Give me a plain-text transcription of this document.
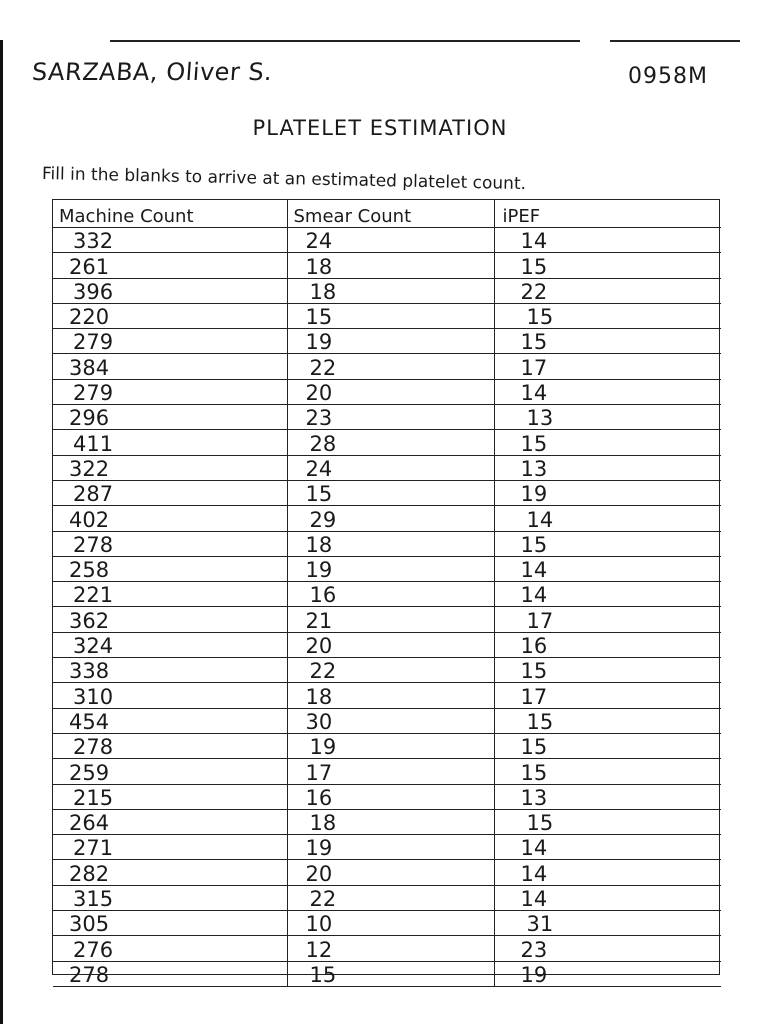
SARZABA, Oliver S.	0958M
PLATELET ESTIMATION
Fill in the blanks to arrive at an estimated platelet count.
Machine Count	Smear Count	iPEF
332	24	14
261	18	15
396	18	22
220	15	15
279	19	15
384	22	17
279	20	14
296	23	13
411	28	15
322	24	13
287	15	19
402	29	14
278	18	15
258	19	14
221	16	14
362	21	17
324	20	16
338	22	15
310	18	17
454	30	15
278	19	15
259	17	15
215	16	13
264	18	15
271	19	14
282	20	14
315	22	14
305	10	31
276	12	23
278	15	19
